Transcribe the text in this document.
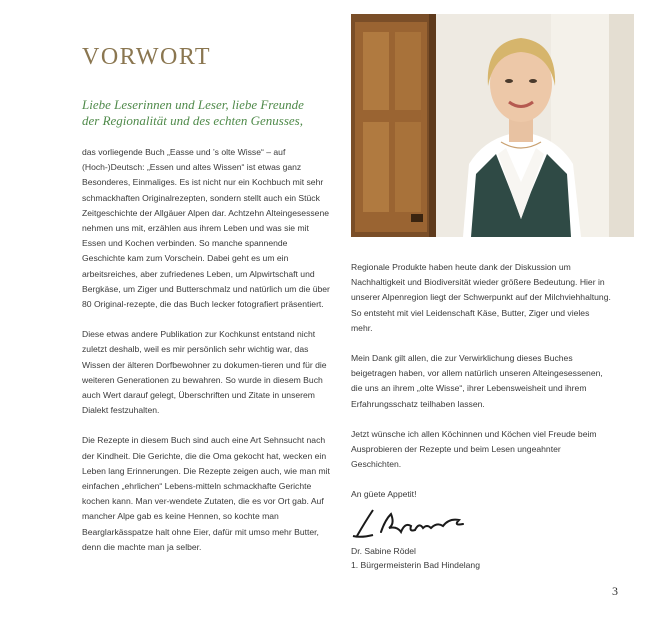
VORWORT
Liebe Leserinnen und Leser, liebe Freunde
der Regionalität und des echten Genusses,

das vorliegende Buch „Easse und ’s olte Wisse“ – auf (Hoch-)Deutsch: „Essen und altes Wissen“ ist etwas ganz Besonderes, Einmaliges. Es ist nicht nur ein Kochbuch mit sehr schmackhaften Originalrezepten, sondern stellt auch ein Stück Zeitgeschichte der Allgäuer Alpen dar. Achtzehn Alteingesessene nehmen uns mit, erzählen aus ihrem Leben und was sie mit Essen und Kochen verbinden. So manche spannende Geschichte kam zum Vorschein. Dabei geht es um ein arbeitsreiches, aber zufriedenes Leben, um Alpwirtschaft und Bergkäse, um Ziger und Butterschmalz und natürlich um die über 80 Original-rezepte, die das Buch lecker fotografiert präsentiert.

Diese etwas andere Publikation zur Kochkunst entstand nicht zuletzt deshalb, weil es mir persönlich sehr wichtig war, das Wissen der älteren Dorfbewohner zu dokumen-tieren und für die weiteren Generationen zu bewahren. So wurde in diesem Buch auch Wert darauf gelegt, Überschriften und Zitate in unserem Dialekt festzuhalten.

Die Rezepte in diesem Buch sind auch eine Art Sehnsucht nach der Kindheit. Die Gerichte, die die Oma gekocht hat, wecken ein Leben lang Erinnerungen. Die Rezepte zeigen auch, wie man mit einfachen „ehrlichen“ Lebens-mitteln schmackhafte Gerichte kochen kann. Man ver-wendete Zutaten, die es vor Ort gab. Auf mancher Alpe gab es keine Hennen, so kochte man Bearglarkässpatze halt ohne Eier, dafür mit umso mehr Butter, denn die machte man ja selber.

Regionale Produkte haben heute dank der Diskussion um Nachhaltigkeit und Biodiversität wieder größere Bedeutung. Hier in unserer Alpenregion liegt der Schwerpunkt auf der Milchviehhaltung. So entsteht mit viel Leidenschaft Käse, Butter, Ziger und vieles mehr.

Mein Dank gilt allen, die zur Verwirklichung dieses Buches beigetragen haben, vor allem natürlich unseren Alteingesessenen, die uns an ihrem „olte Wisse“, ihrer Lebensweisheit und ihrem Erfahrungsschatz teilhaben lassen.

Jetzt wünsche ich allen Köchinnen und Köchen viel Freude beim Ausprobieren der Rezepte und beim Lesen ungeahnter Geschichten.

An güete Appetit!

Dr. Sabine Rödel
1. Bürgermeisterin Bad Hindelang
3
